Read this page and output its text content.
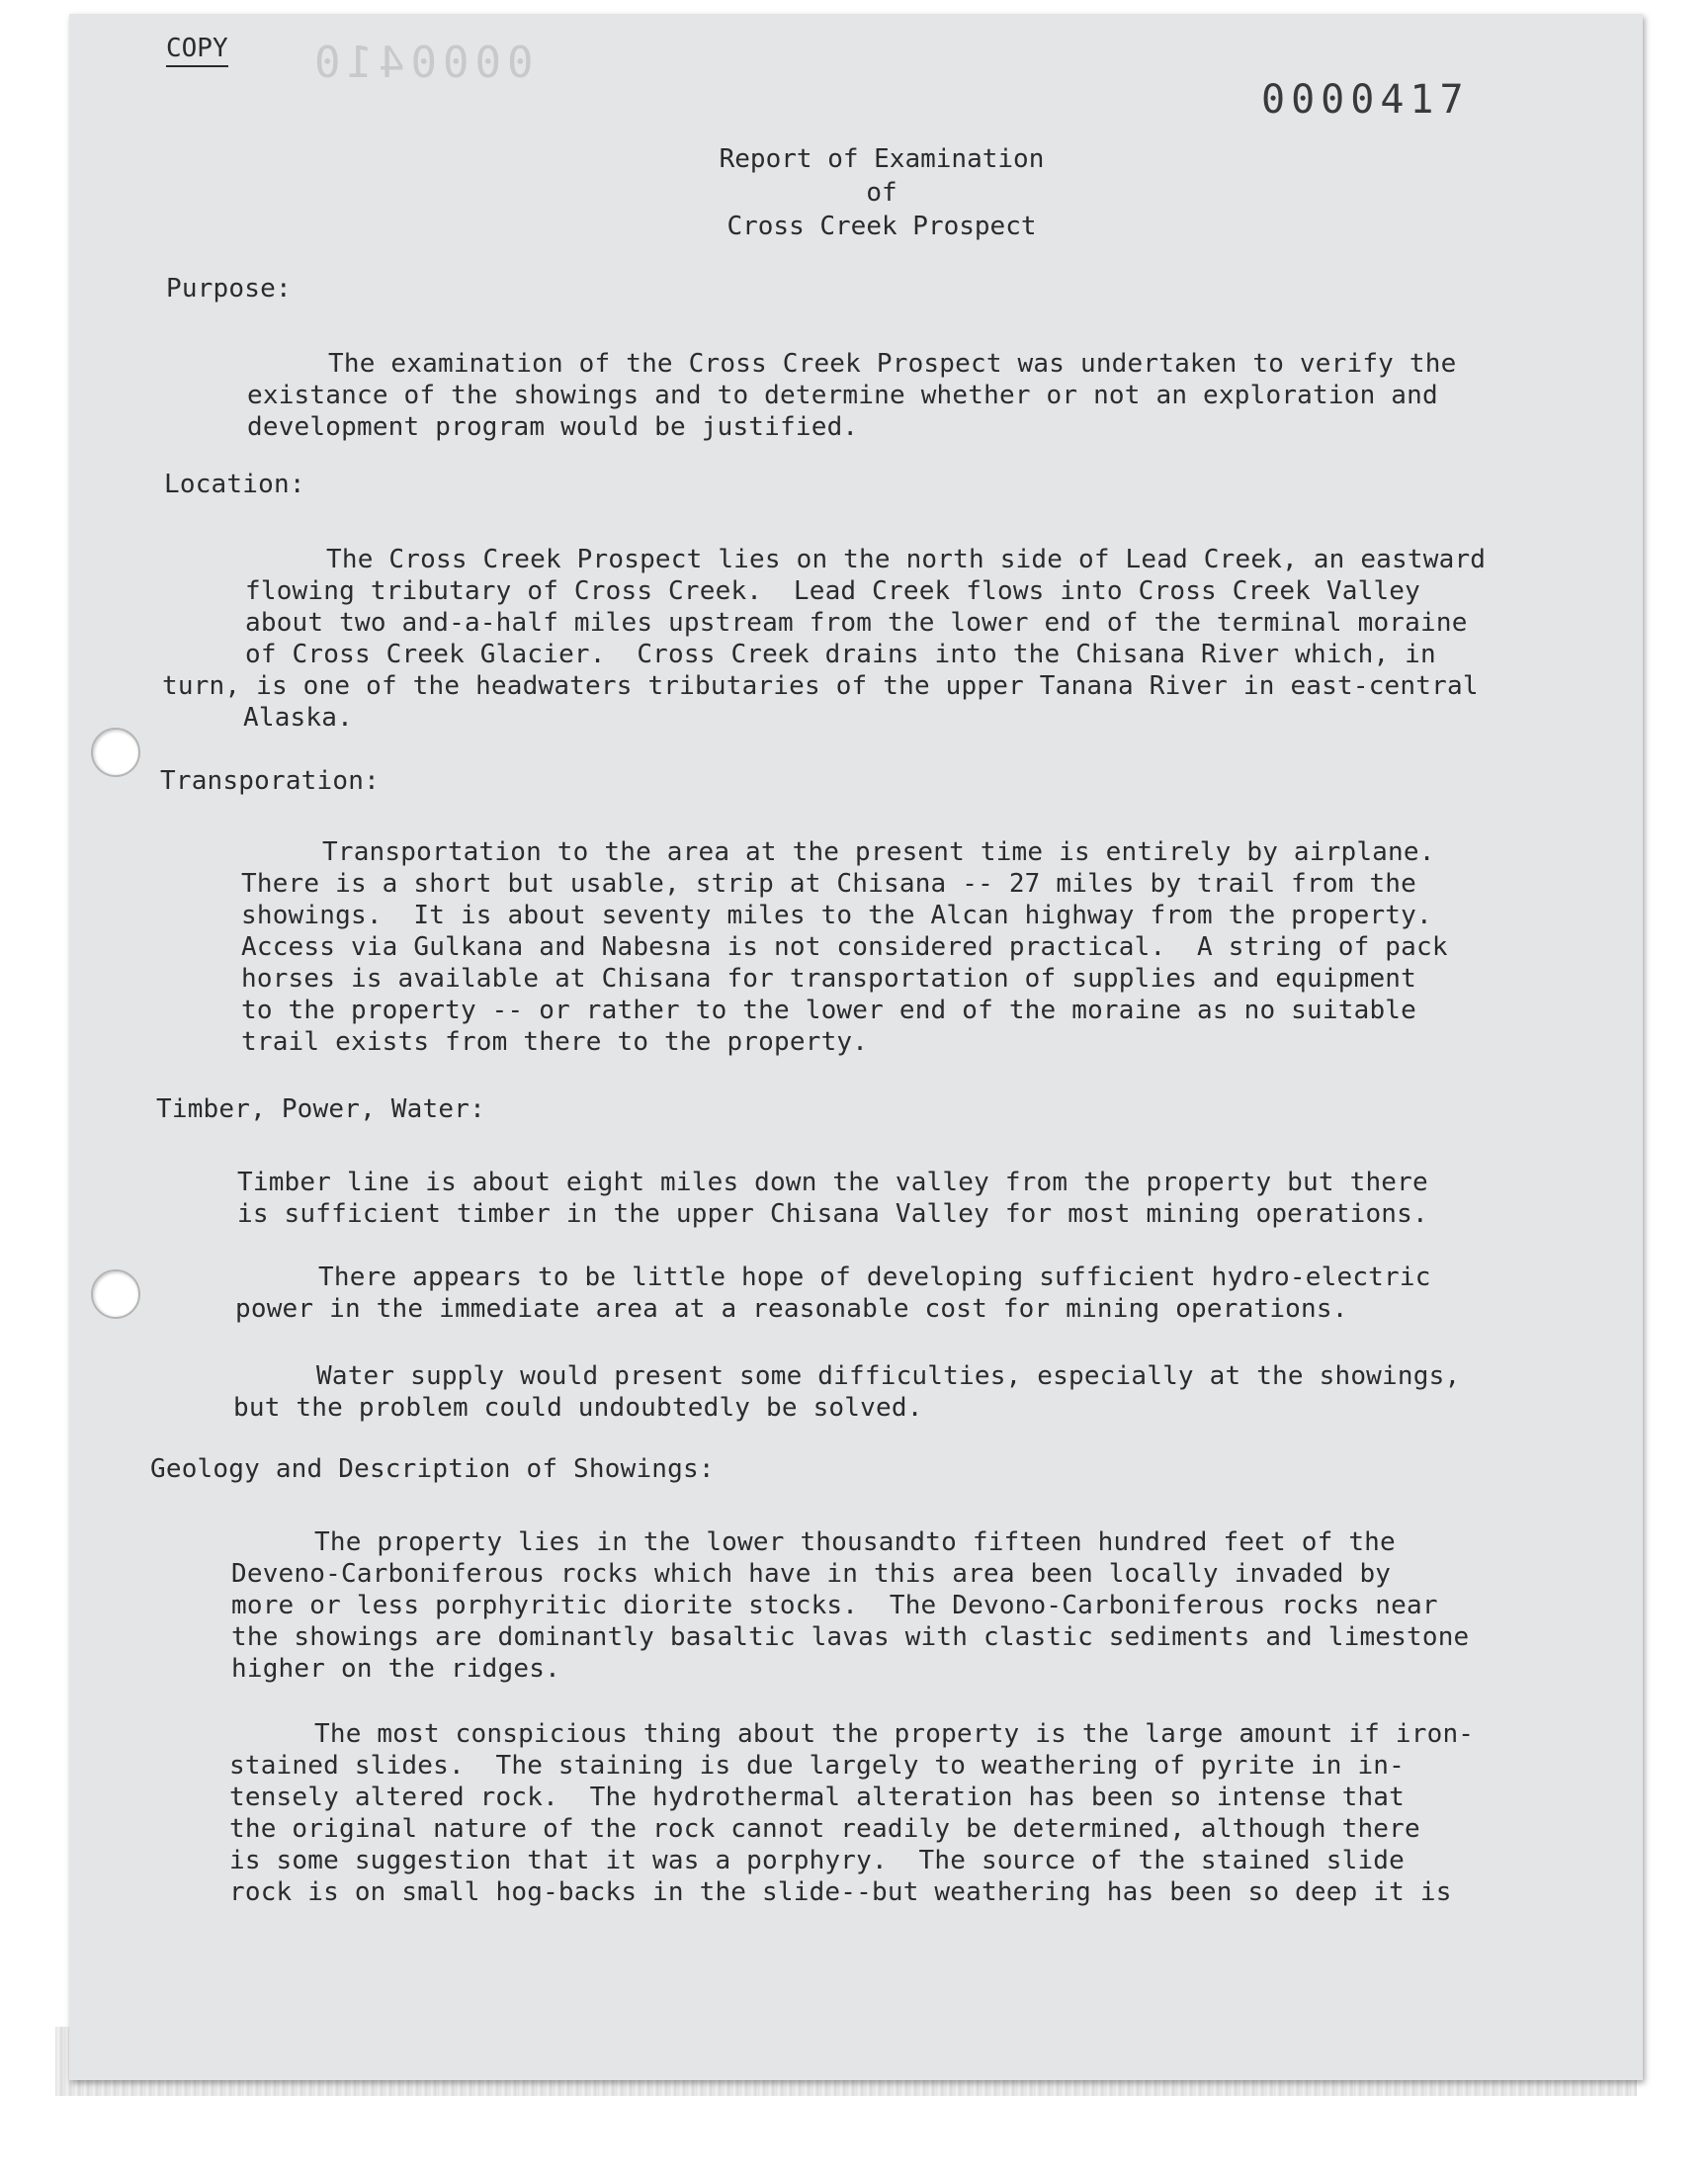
COPY 0000410
0000417
Report of Examination
of
Cross Creek Prospect
Purpose:
The examination of the Cross Creek Prospect was undertaken to verify the
existance of the showings and to determine whether or not an exploration and
development program would be justified.
Location:
The Cross Creek Prospect lies on the north side of Lead Creek, an eastward
flowing tributary of Cross Creek.  Lead Creek flows into Cross Creek Valley
about two and-a-half miles upstream from the lower end of the terminal moraine
of Cross Creek Glacier.  Cross Creek drains into the Chisana River which, in
turn, is one of the headwaters tributaries of the upper Tanana River in east-central
Alaska.
Transporation:
Transportation to the area at the present time is entirely by airplane.
There is a short but usable, strip at Chisana -- 27 miles by trail from the
showings.  It is about seventy miles to the Alcan highway from the property.
Access via Gulkana and Nabesna is not considered practical.  A string of pack
horses is available at Chisana for transportation of supplies and equipment
to the property -- or rather to the lower end of the moraine as no suitable
trail exists from there to the property.
Timber, Power, Water:
Timber line is about eight miles down the valley from the property but there
is sufficient timber in the upper Chisana Valley for most mining operations.
There appears to be little hope of developing sufficient hydro-electric
power in the immediate area at a reasonable cost for mining operations.
Water supply would present some difficulties, especially at the showings,
but the problem could undoubtedly be solved.
Geology and Description of Showings:
The property lies in the lower thousandto fifteen hundred feet of the
Deveno-Carboniferous rocks which have in this area been locally invaded by
more or less porphyritic diorite stocks.  The Devono-Carboniferous rocks near
the showings are dominantly basaltic lavas with clastic sediments and limestone
higher on the ridges.
The most conspicious thing about the property is the large amount if iron-
stained slides.  The staining is due largely to weathering of pyrite in in-
tensely altered rock.  The hydrothermal alteration has been so intense that
the original nature of the rock cannot readily be determined, although there
is some suggestion that it was a porphyry.  The source of the stained slide
rock is on small hog-backs in the slide--but weathering has been so deep it is
